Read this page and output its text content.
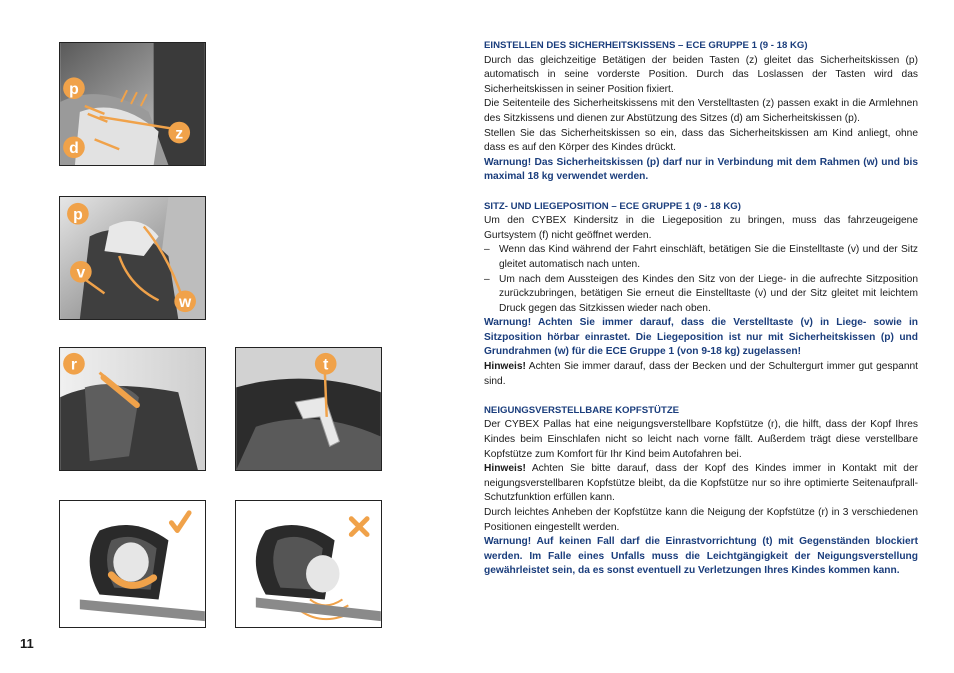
p
z
d
p
v
w
r	t
11

EINSTELLEN DES SICHERHEITSKISSENS – ECE GRUPPE 1 (9 - 18 KG)

Durch das gleichzeitige Betätigen der beiden Tasten (z) gleitet das Sicherheitskissen (p) automatisch in seine vorderste Position. Durch das Loslassen der Tasten wird das Sicherheitskissen in seiner Position fixiert.

Die Seitenteile des Sicherheitskissens mit den Verstelltasten (z) passen exakt in die Armlehnen des Sitzkissens und dienen zur Abstützung des Sitzes (d) am Sicherheitskissen (p).

Stellen Sie das Sicherheitskissen so ein, dass das Sicherheitskissen am Kind anliegt, ohne dass es auf den Körper des Kindes drückt.

Warnung! Das Sicherheitskissen (p) darf nur in Verbindung mit dem Rahmen (w) und bis maximal 18 kg verwendet werden.

SITZ- UND LIEGEPOSITION – ECE GRUPPE 1 (9 - 18 KG)

Um den CYBEX Kindersitz in die Liegeposition zu bringen, muss das fahrzeugeigene Gurtsystem (f) nicht geöffnet werden.

– Wenn das Kind während der Fahrt einschläft, betätigen Sie die Einstelltaste (v) und der Sitz gleitet automatisch nach unten.
– Um nach dem Aussteigen des Kindes den Sitz von der Liege- in die aufrechte Sitzposition zurückzubringen, betätigen Sie erneut die Einstelltaste (v) und der Sitz gleitet mit leichtem Druck gegen das Sitzkissen wieder nach oben.

Warnung! Achten Sie immer darauf, dass die Verstelltaste (v) in Liege- sowie in Sitzposition hörbar einrastet. Die Liegeposition ist nur mit Sicherheitskissen (p) und Grundrahmen (w) für die ECE Gruppe 1 (von 9-18 kg) zugelassen!

Hinweis! Achten Sie immer darauf, dass der Becken und der Schultergurt immer gut gespannt sind.

NEIGUNGSVERSTELLBARE KOPFSTÜTZE

Der CYBEX Pallas hat eine neigungsverstellbare Kopfstütze (r), die hilft, dass der Kopf Ihres Kindes beim Einschlafen nicht so leicht nach vorne fällt. Außerdem trägt diese verstellbare Kopfstütze zum Komfort für Ihr Kind beim Autofahren bei.

Hinweis! Achten Sie bitte darauf, dass der Kopf des Kindes immer in Kontakt mit der neigungsverstellbaren Kopfstütze bleibt, da die Kopfstütze nur so ihre optimierte Seitenaufprall-Schutzfunktion erfüllen kann.

Durch leichtes Anheben der Kopfstütze kann die Neigung der Kopfstütze (r) in 3 verschiedenen Positionen eingestellt werden.

Warnung! Auf keinen Fall darf die Einrastvorrichtung (t) mit Gegenständen blockiert werden. Im Falle eines Unfalls muss die Leichtgängigkeit der Neigungsverstellung gewährleistet sein, da es sonst eventuell zu Verletzungen Ihres Kindes kommen kann.
